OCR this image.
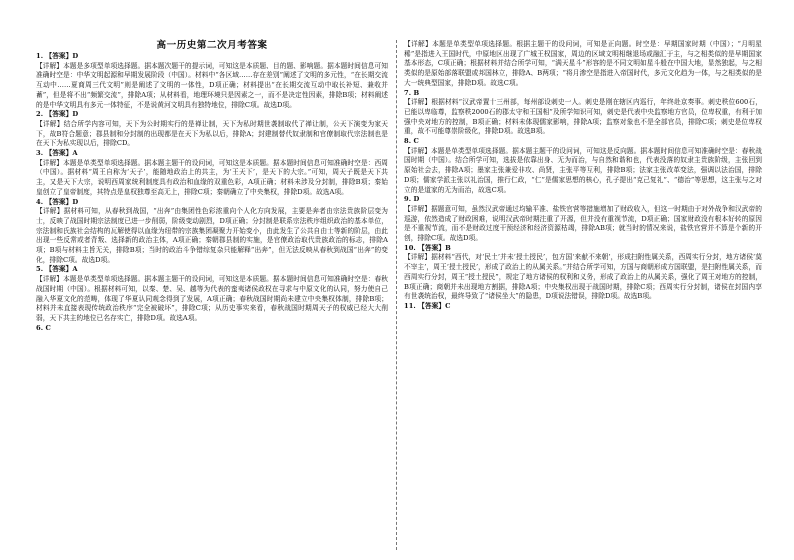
高一历史第二次月考答案

1. 【答案】D

【详解】本题是多项型单项选择题。据本题次题干的提示词，可知这是本质题、目的题、影响题。据本题时间信息可知准确时空是：中华文明起源和早期发展阶段（中国）。材料中“各区域……存在差别”阐述了文明的多元性，“在长期交流互动中……夏商周三代文明”则是阐述了文明的一体性，D项正确；材料提出“在长期交流互动中取长补短、兼收并蓄”，但是将不出“频繁交流”，排除A项；从材料看，地理环境只是因素之一，而不是决定性因素，排除B项；材料阐述的是中华文明具有多元一体特征，不是说黄河文明具有独特地位，排除C项。故选D项。

2. 【答案】D

【详解】结合所学内容可知，天下为公时期实行的是禅让制，天下为私时期世袭制取代了禅让制，公天下演变为家天下，故B符合题意；郡县制和分封制的出现都是在天下为私以后，排除A；封建制替代奴隶制和官僚制取代宗法制也是在天下为私实现以后，排除CD。

3. 【答案】A

【详解】本题是单类型单项选择题。据本题主题干的设问词，可知这是本质题。据本题时间信息可知准确时空是：西周（中国）。据材料“周王自称为‘天子’，能随地政治上的共主，为‘王天下’，是天下的大宗。”可知，周天子既是天下共主，又是天下大宗，说明西周家统利制度具有政治和血缘的双重色彩，A项正确；材料未涉及分封制，排除B项；秦始皇创立了皇帝制度，其特点是皇权独尊至高无上，排除C项；秦朝确立了中央集权，排除D项。故选A项。

4. 【答案】D

【详解】据材料可知，从春秋到战国，“出奔”由集团性色彩浓重向个人化方向发展，主要是奔者由宗法贵族阶层变为士，反映了战国时期宗法制度已进一步削弱，阶级变动剧烈，D项正确；分封制是联系宗法秩序组织政治的基本单位，宗法制和氏族社会结构的瓦解使得以血缘为纽带的宗族集团凝聚力开始变小，由此发生了公共自由士等新的阶层，由此出现一些反常或者背叛、选择新的政治主体，A项正确；秦朝郡县制的实施，是官僚政治取代贵族政治的标志，排除A项；B项与材料主旨无关，排除B项；当时的政治斗争错综复杂只能解释“出奔”，但无法反映从春秋到战国“出奔”的变化，排除C项。故选D项。

5. 【答案】A

【详解】本题是单类型单项选择题。据本题主题干的设问词，可知这是本质题。据本题时间信息可知准确时空是：春秋战国时期（中国）。根据材料可知，以秦、楚、吴、越等为代表的蛮夷诸侯政权在寻求与中原文化的认同，努力使自己融入华夏文化的范畴，体现了华夏认同观念得到了发展，A项正确；春秋战国时期尚未建立中央集权体制，排除B项；材料并未直接表现传统政治秩序“完全被破坏”，排除C项；从历史事实来看，春秋战国时期周天子的权威已经大大削弱，天下共主的地位已名存实亡，排除D项。故选A项。

6. C

【详解】本题是单类型单项选择题。根据主题干的设问词，可知是正向题。时空是：早期国家时期（中国）；“月明星稀”是指进入王国时代，中原地区出现了广城王权国家，周边的区域文明相继退场或融汇于主，与之相类似的是早期国家基本形态，C项正确；根据材料并结合所学可知，“满天星斗”形容的是不同文明如星斗般在中国大地，显然独起，与之相类似的是原始部落联盟或邦国林立，排除A、B两项；“将月渗空是指进入帝国时代，多元文化趋为一体，与之相类似的是大一统典型国家，排除D项。故选C项。

7. B

【详解】根据材料“汉武帝置十三州部，每州部设刺史一人。刺史是刚在辖区内巡行，年终赴京奏事。刺史秩位600石，已能以卑临尊，监察秩2000石的郡太守和王国相”及所学知识可知，刺史是代表中央监察地方官员，位卑权重，有利于加强中央对地方的控制，B项正确；材料未体现儒家影响，排除A项；监察对象也不是全部官员，排除C项；刺史是位卑权重，故不可能尊崇阶级化，排除D项。故选B项。

8. C

【详解】本题是单类型单项选择题。据本题主题干的设问词，可知这是反向题。据本题时间信息可知准确时空是：春秋战国时期（中国）。结合所学可知，选拔是依靠出身、无为而治，与自然和谐和也，代表没落的奴隶主贵族阶级，主张回到原始社会去，排除A项；墨家主张兼爱非攻、尚贤，主张平等互利，排除B项；法家主张改革变法，强调以法治国，排除D项；儒家学派主张以礼治国，推行仁政，“仁”是儒家思想的核心，孔子提出“克己复礼”、“德治”等思想，这主张与之对立的是道家的无为而治，故选C项。

9. D

【详解】据题意可知，虽然汉武帝通过均输平准、盐铁官营等措施增加了财政收入，但这一时期由于对外战争和汉武帝的巡游，依然造成了财政困难，说明汉武帝时期注重了开源，但并没有重视节流，D项正确；国家财政没有根本好转的原因是不重视节流，而不是财政过度干预经济和经济资源枯竭，排除AB项；就当时的情况来说，盐铁官营并不算是个新的开创，排除C项。故选D项。

10. 【答案】B

【详解】据材料“西代，对‘民土’并未‘授土授民’，包方国‘来献不来朝’，形成扫附性属关系，西周实行分封，地方诸侯‘莫不宰主’，周王‘授土授民’，形成了政治上的从属关系。”并结合所学可知，方国与商朝形成方国联盟，是扫附性属关系，而西周实行分封，周王“授土授民”，规定了地方诸侯的权利和义务，形成了政治上的从属关系，强化了周王对地方的控制，B项正确；商朝并未出现地方割据，排除A项；中央集权出现于战国时期，排除C项；西周实行分封制，诸侯在封国内享有世袭统治权，最终导致了“诸侯坐大”的隐患，D项说法错误，排除D项。故选B项。

11. 【答案】C
